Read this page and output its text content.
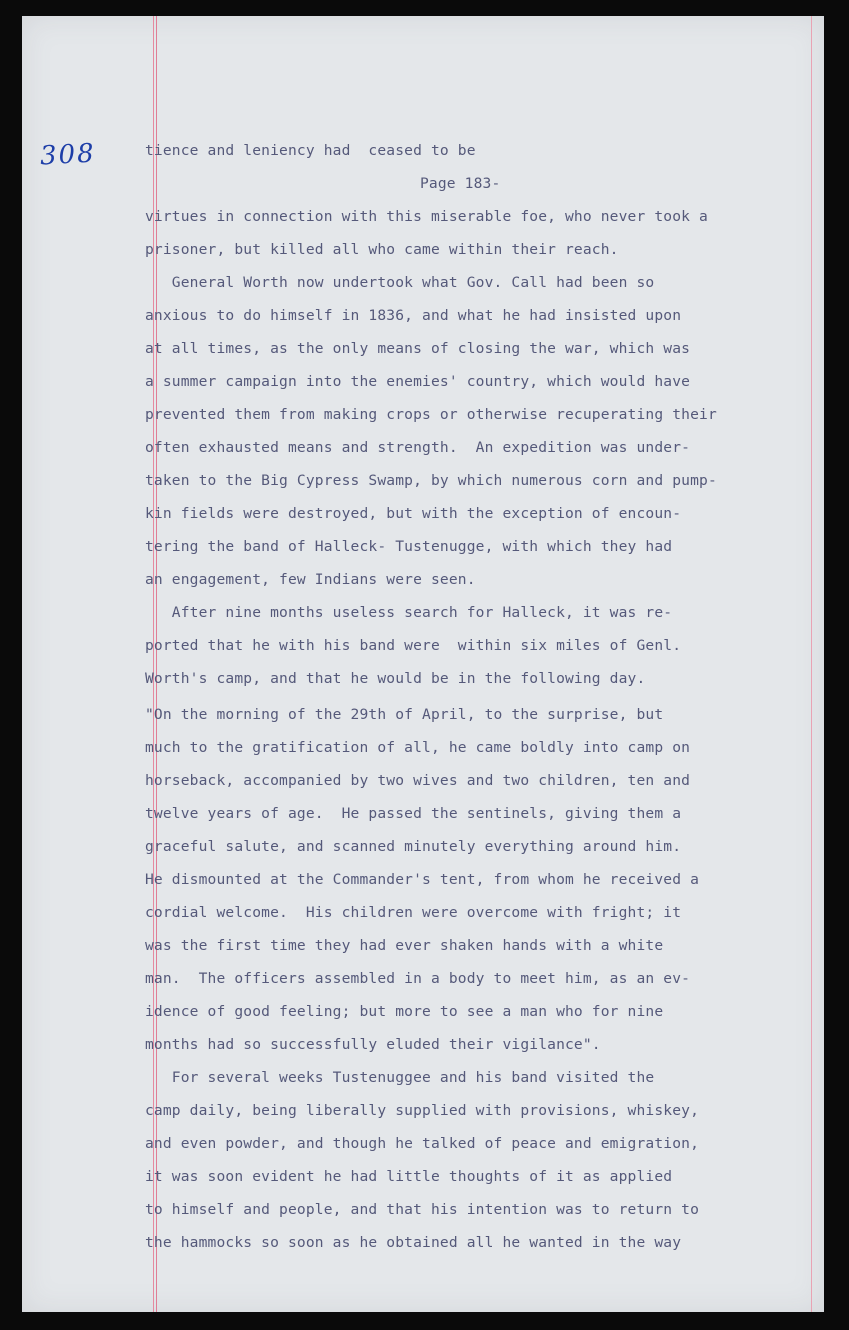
308	tience and leniency had  ceased to be
Page 183-
virtues in connection with this miserable foe, who never took a
prisoner, but killed all who came within their reach.
General Worth now undertook what Gov. Call had been so
anxious to do himself in 1836, and what he had insisted upon
at all times, as the only means of closing the war, which was
a summer campaign into the enemies' country, which would have
prevented them from making crops or otherwise recuperating their
often exhausted means and strength.  An expedition was under-
taken to the Big Cypress Swamp, by which numerous corn and pump-
kin fields were destroyed, but with the exception of encoun-
tering the band of Halleck- Tustenugge, with which they had
an engagement, few Indians were seen.
After nine months useless search for Halleck, it was re-
ported that he with his band were  within six miles of Genl.
Worth's camp, and that he would be in the following day.
"On the morning of the 29th of April, to the surprise, but
much to the gratification of all, he came boldly into camp on
horseback, accompanied by two wives and two children, ten and
twelve years of age.  He passed the sentinels, giving them a
graceful salute, and scanned minutely everything around him.
He dismounted at the Commander's tent, from whom he received a
cordial welcome.  His children were overcome with fright; it
was the first time they had ever shaken hands with a white
man.  The officers assembled in a body to meet him, as an ev-
idence of good feeling; but more to see a man who for nine
months had so successfully eluded their vigilance".
For several weeks Tustenuggee and his band visited the
camp daily, being liberally supplied with provisions, whiskey,
and even powder, and though he talked of peace and emigration,
it was soon evident he had little thoughts of it as applied
to himself and people, and that his intention was to return to
the hammocks so soon as he obtained all he wanted in the way
